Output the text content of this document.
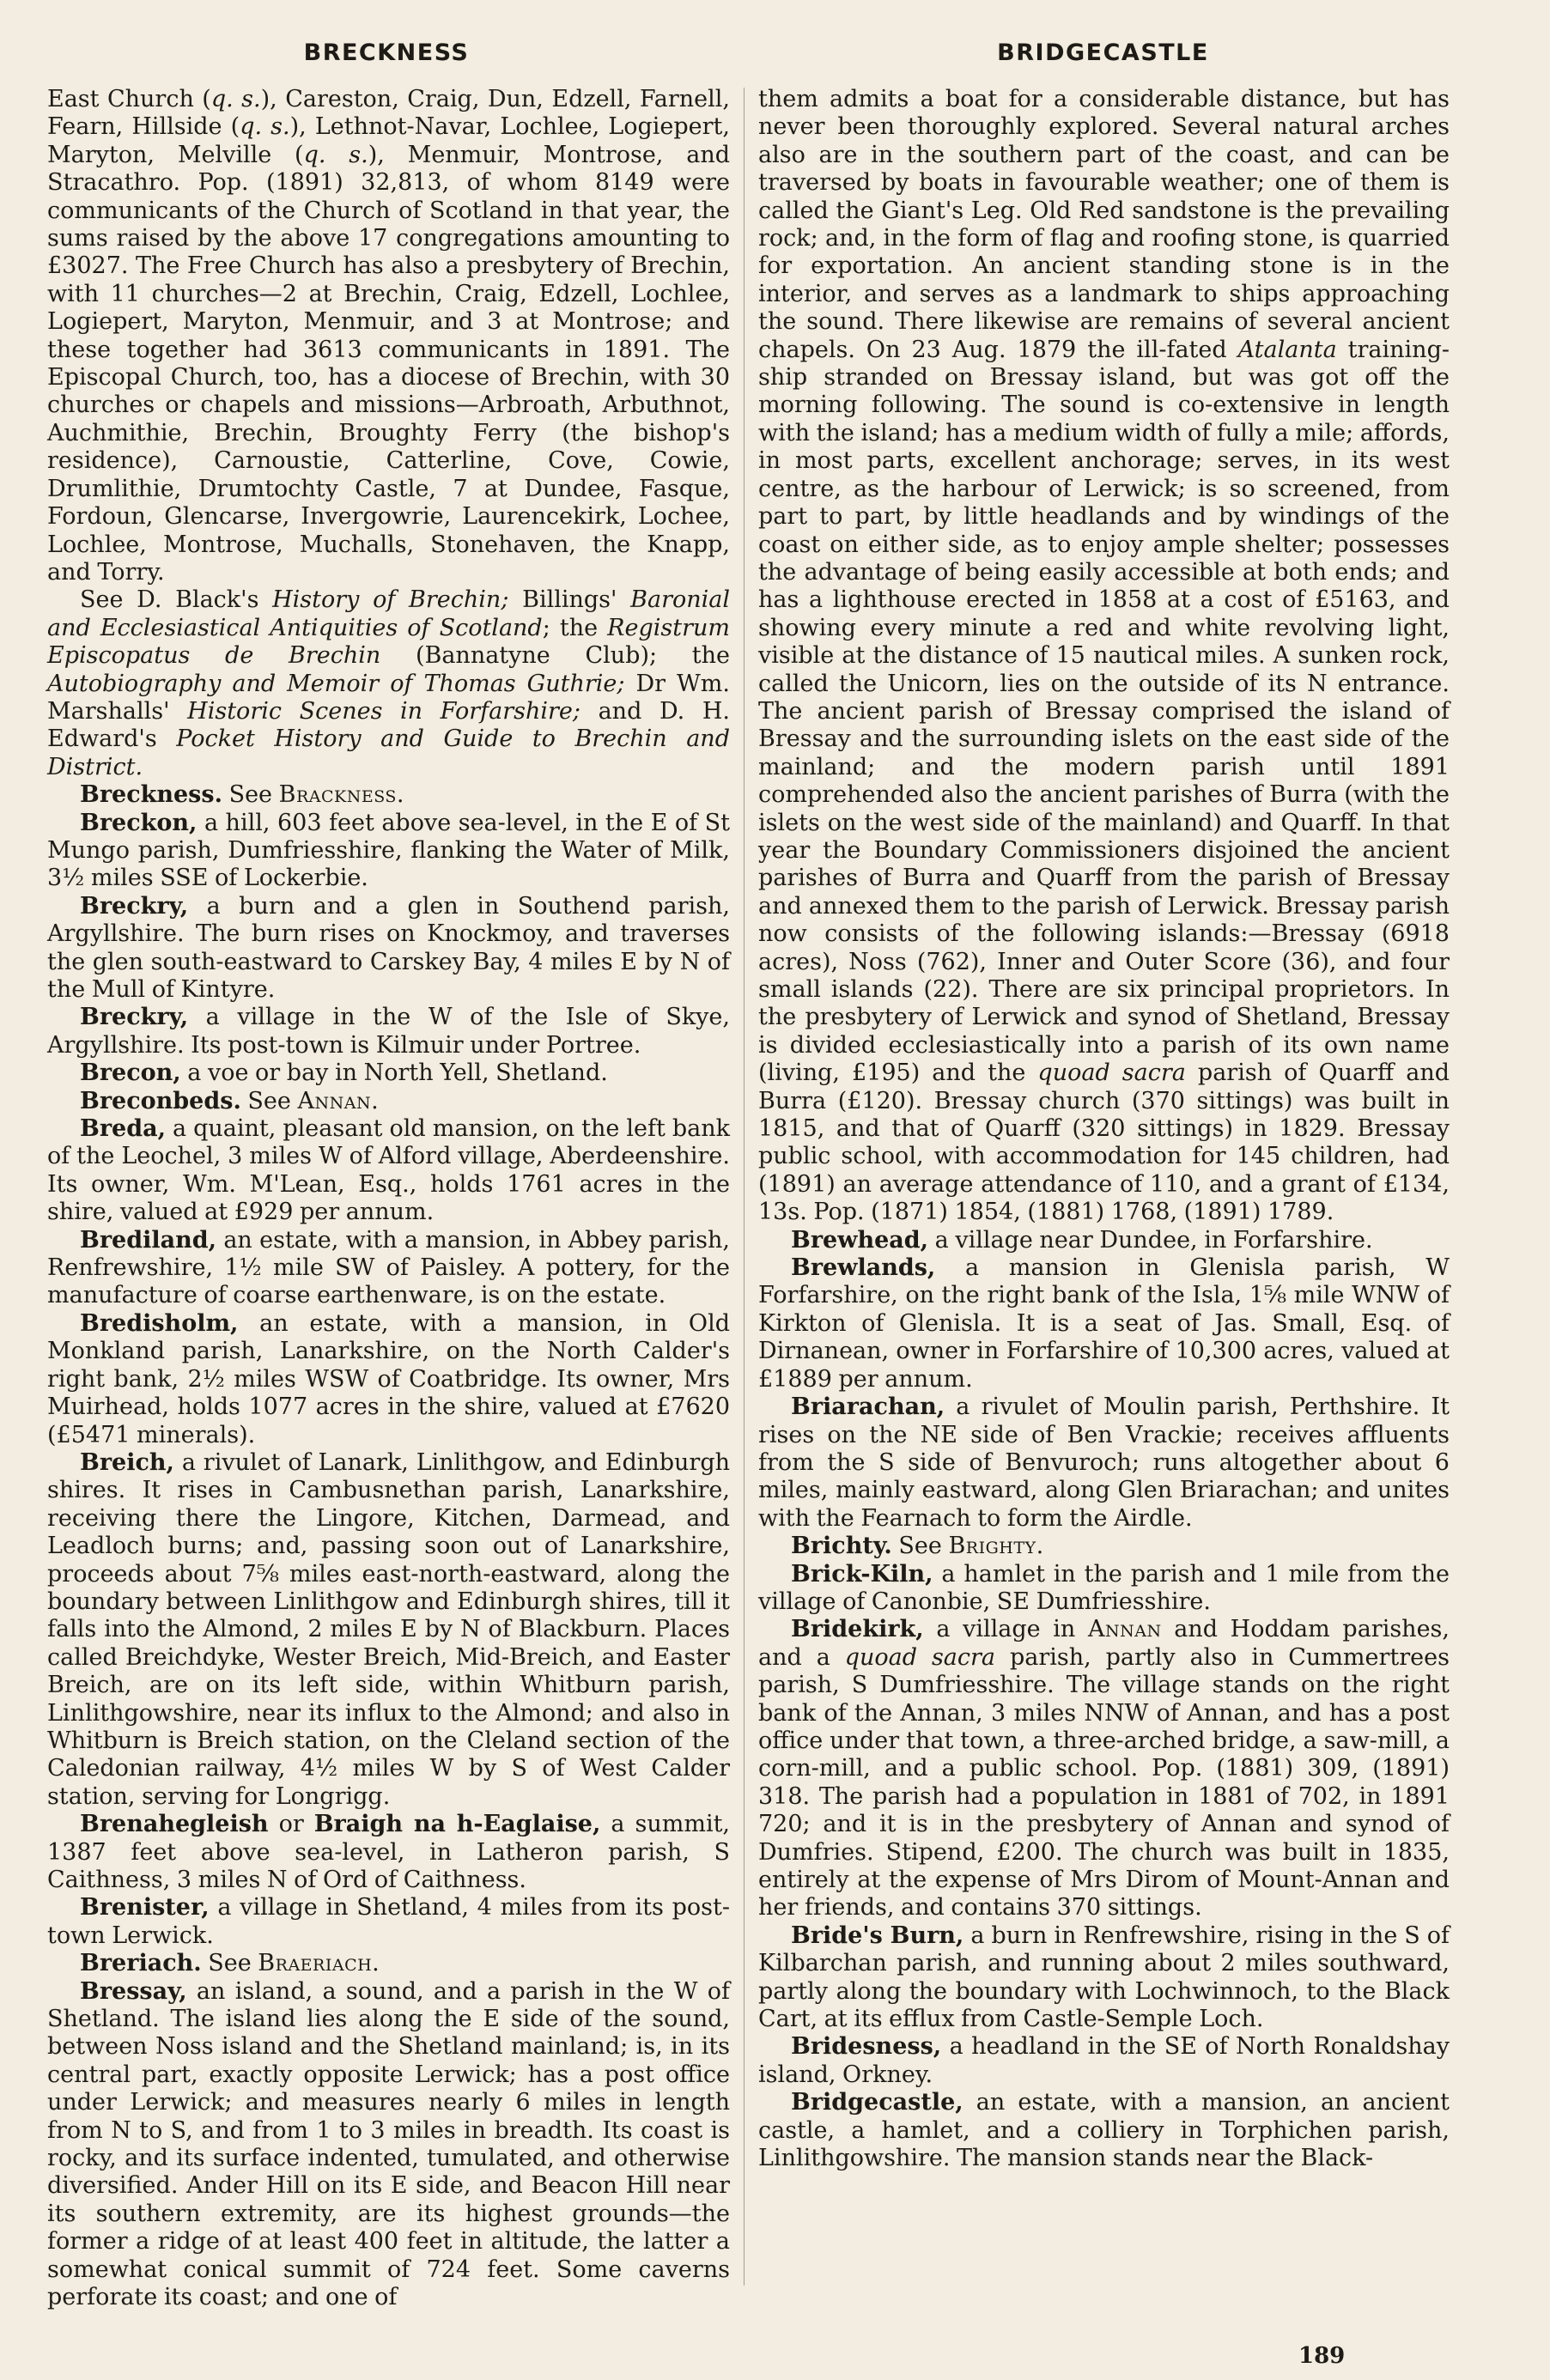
BRECKNESS	BRIDGECASTLE

East Church (q. s.), Careston, Craig, Dun, Edzell, Farnell, Fearn, Hillside (q. s.), Lethnot-Navar, Lochlee, Logiepert, Maryton, Melville (q. s.), Menmuir, Montrose, and Stracathro. Pop. (1891) 32,813, of whom 8149 were communicants of the Church of Scotland in that year, the sums raised by the above 17 congregations amounting to £3027. The Free Church has also a presbytery of Brechin, with 11 churches—2 at Brechin, Craig, Edzell, Lochlee, Logiepert, Maryton, Menmuir, and 3 at Montrose; and these together had 3613 communicants in 1891. The Episcopal Church, too, has a diocese of Brechin, with 30 churches or chapels and missions—Arbroath, Arbuthnot, Auchmithie, Brechin, Broughty Ferry (the bishop's residence), Carnoustie, Catterline, Cove, Cowie, Drumlithie, Drumtochty Castle, 7 at Dundee, Fasque, Fordoun, Glencarse, Invergowrie, Laurencekirk, Lochee, Lochlee, Montrose, Muchalls, Stonehaven, the Knapp, and Torry.

See D. Black's History of Brechin; Billings' Baronial and Ecclesiastical Antiquities of Scotland; the Registrum Episcopatus de Brechin (Bannatyne Club); the Autobiography and Memoir of Thomas Guthrie; Dr Wm. Marshalls' Historic Scenes in Forfarshire; and D. H. Edward's Pocket History and Guide to Brechin and District.

Breckness. See Brackness.

Breckon, a hill, 603 feet above sea-level, in the E of St Mungo parish, Dumfriesshire, flanking the Water of Milk, 3½ miles SSE of Lockerbie.

Breckry, a burn and a glen in Southend parish, Argyllshire. The burn rises on Knockmoy, and traverses the glen south-eastward to Carskey Bay, 4 miles E by N of the Mull of Kintyre.

Breckry, a village in the W of the Isle of Skye, Argyllshire. Its post-town is Kilmuir under Portree.

Brecon, a voe or bay in North Yell, Shetland.

Breconbeds. See Annan.

Breda, a quaint, pleasant old mansion, on the left bank of the Leochel, 3 miles W of Alford village, Aberdeenshire. Its owner, Wm. M'Lean, Esq., holds 1761 acres in the shire, valued at £929 per annum.

Brediland, an estate, with a mansion, in Abbey parish, Renfrewshire, 1½ mile SW of Paisley. A pottery, for the manufacture of coarse earthenware, is on the estate.

Bredisholm, an estate, with a mansion, in Old Monkland parish, Lanarkshire, on the North Calder's right bank, 2½ miles WSW of Coatbridge. Its owner, Mrs Muirhead, holds 1077 acres in the shire, valued at £7620 (£5471 minerals).

Breich, a rivulet of Lanark, Linlithgow, and Edinburgh shires. It rises in Cambusnethan parish, Lanarkshire, receiving there the Lingore, Kitchen, Darmead, and Leadloch burns; and, passing soon out of Lanarkshire, proceeds about 7⅝ miles east-north-eastward, along the boundary between Linlithgow and Edinburgh shires, till it falls into the Almond, 2 miles E by N of Blackburn. Places called Breichdyke, Wester Breich, Mid-Breich, and Easter Breich, are on its left side, within Whitburn parish, Linlithgowshire, near its influx to the Almond; and also in Whitburn is Breich station, on the Cleland section of the Caledonian railway, 4½ miles W by S of West Calder station, serving for Longrigg.

Brenahegleish or Braigh na h-Eaglaise, a summit, 1387 feet above sea-level, in Latheron parish, S Caithness, 3 miles N of Ord of Caithness.

Brenister, a village in Shetland, 4 miles from its post-town Lerwick.

Breriach. See Braeriach.

Bressay, an island, a sound, and a parish in the W of Shetland. The island lies along the E side of the sound, between Noss island and the Shetland mainland; is, in its central part, exactly opposite Lerwick; has a post office under Lerwick; and measures nearly 6 miles in length from N to S, and from 1 to 3 miles in breadth. Its coast is rocky, and its surface indented, tumulated, and otherwise diversified. Ander Hill on its E side, and Beacon Hill near its southern extremity, are its highest grounds—the former a ridge of at least 400 feet in altitude, the latter a somewhat conical summit of 724 feet. Some caverns perforate its coast; and one of

them admits a boat for a considerable distance, but has never been thoroughly explored. Several natural arches also are in the southern part of the coast, and can be traversed by boats in favourable weather; one of them is called the Giant's Leg. Old Red sandstone is the prevailing rock; and, in the form of flag and roofing stone, is quarried for exportation. An ancient standing stone is in the interior, and serves as a landmark to ships approaching the sound. There likewise are remains of several ancient chapels. On 23 Aug. 1879 the ill-fated Atalanta training-ship stranded on Bressay island, but was got off the morning following. The sound is co-extensive in length with the island; has a medium width of fully a mile; affords, in most parts, excellent anchorage; serves, in its west centre, as the harbour of Lerwick; is so screened, from part to part, by little headlands and by windings of the coast on either side, as to enjoy ample shelter; possesses the advantage of being easily accessible at both ends; and has a lighthouse erected in 1858 at a cost of £5163, and showing every minute a red and white revolving light, visible at the distance of 15 nautical miles. A sunken rock, called the Unicorn, lies on the outside of its N entrance. The ancient parish of Bressay comprised the island of Bressay and the surrounding islets on the east side of the mainland; and the modern parish until 1891 comprehended also the ancient parishes of Burra (with the islets on the west side of the mainland) and Quarff. In that year the Boundary Commissioners disjoined the ancient parishes of Burra and Quarff from the parish of Bressay and annexed them to the parish of Lerwick. Bressay parish now consists of the following islands:—Bressay (6918 acres), Noss (762), Inner and Outer Score (36), and four small islands (22). There are six principal proprietors. In the presbytery of Lerwick and synod of Shetland, Bressay is divided ecclesiastically into a parish of its own name (living, £195) and the quoad sacra parish of Quarff and Burra (£120). Bressay church (370 sittings) was built in 1815, and that of Quarff (320 sittings) in 1829. Bressay public school, with accommodation for 145 children, had (1891) an average attendance of 110, and a grant of £134, 13s. Pop. (1871) 1854, (1881) 1768, (1891) 1789.

Brewhead, a village near Dundee, in Forfarshire.

Brewlands, a mansion in Glenisla parish, W Forfarshire, on the right bank of the Isla, 1⅝ mile WNW of Kirkton of Glenisla. It is a seat of Jas. Small, Esq. of Dirnanean, owner in Forfarshire of 10,300 acres, valued at £1889 per annum.

Briarachan, a rivulet of Moulin parish, Perthshire. It rises on the NE side of Ben Vrackie; receives affluents from the S side of Benvuroch; runs altogether about 6 miles, mainly eastward, along Glen Briarachan; and unites with the Fearnach to form the Airdle.

Brichty. See Brighty.

Brick-Kiln, a hamlet in the parish and 1 mile from the village of Canonbie, SE Dumfriesshire.

Bridekirk, a village in Annan and Hoddam parishes, and a quoad sacra parish, partly also in Cummertrees parish, S Dumfriesshire. The village stands on the right bank of the Annan, 3 miles NNW of Annan, and has a post office under that town, a three-arched bridge, a saw-mill, a corn-mill, and a public school. Pop. (1881) 309, (1891) 318. The parish had a population in 1881 of 702, in 1891 720; and it is in the presbytery of Annan and synod of Dumfries. Stipend, £200. The church was built in 1835, entirely at the expense of Mrs Dirom of Mount-Annan and her friends, and contains 370 sittings.

Bride's Burn, a burn in Renfrewshire, rising in the S of Kilbarchan parish, and running about 2 miles southward, partly along the boundary with Lochwinnoch, to the Black Cart, at its efflux from Castle-Semple Loch.

Bridesness, a headland in the SE of North Ronaldshay island, Orkney.

Bridgecastle, an estate, with a mansion, an ancient castle, a hamlet, and a colliery in Torphichen parish, Linlithgowshire. The mansion stands near the Black-

189
